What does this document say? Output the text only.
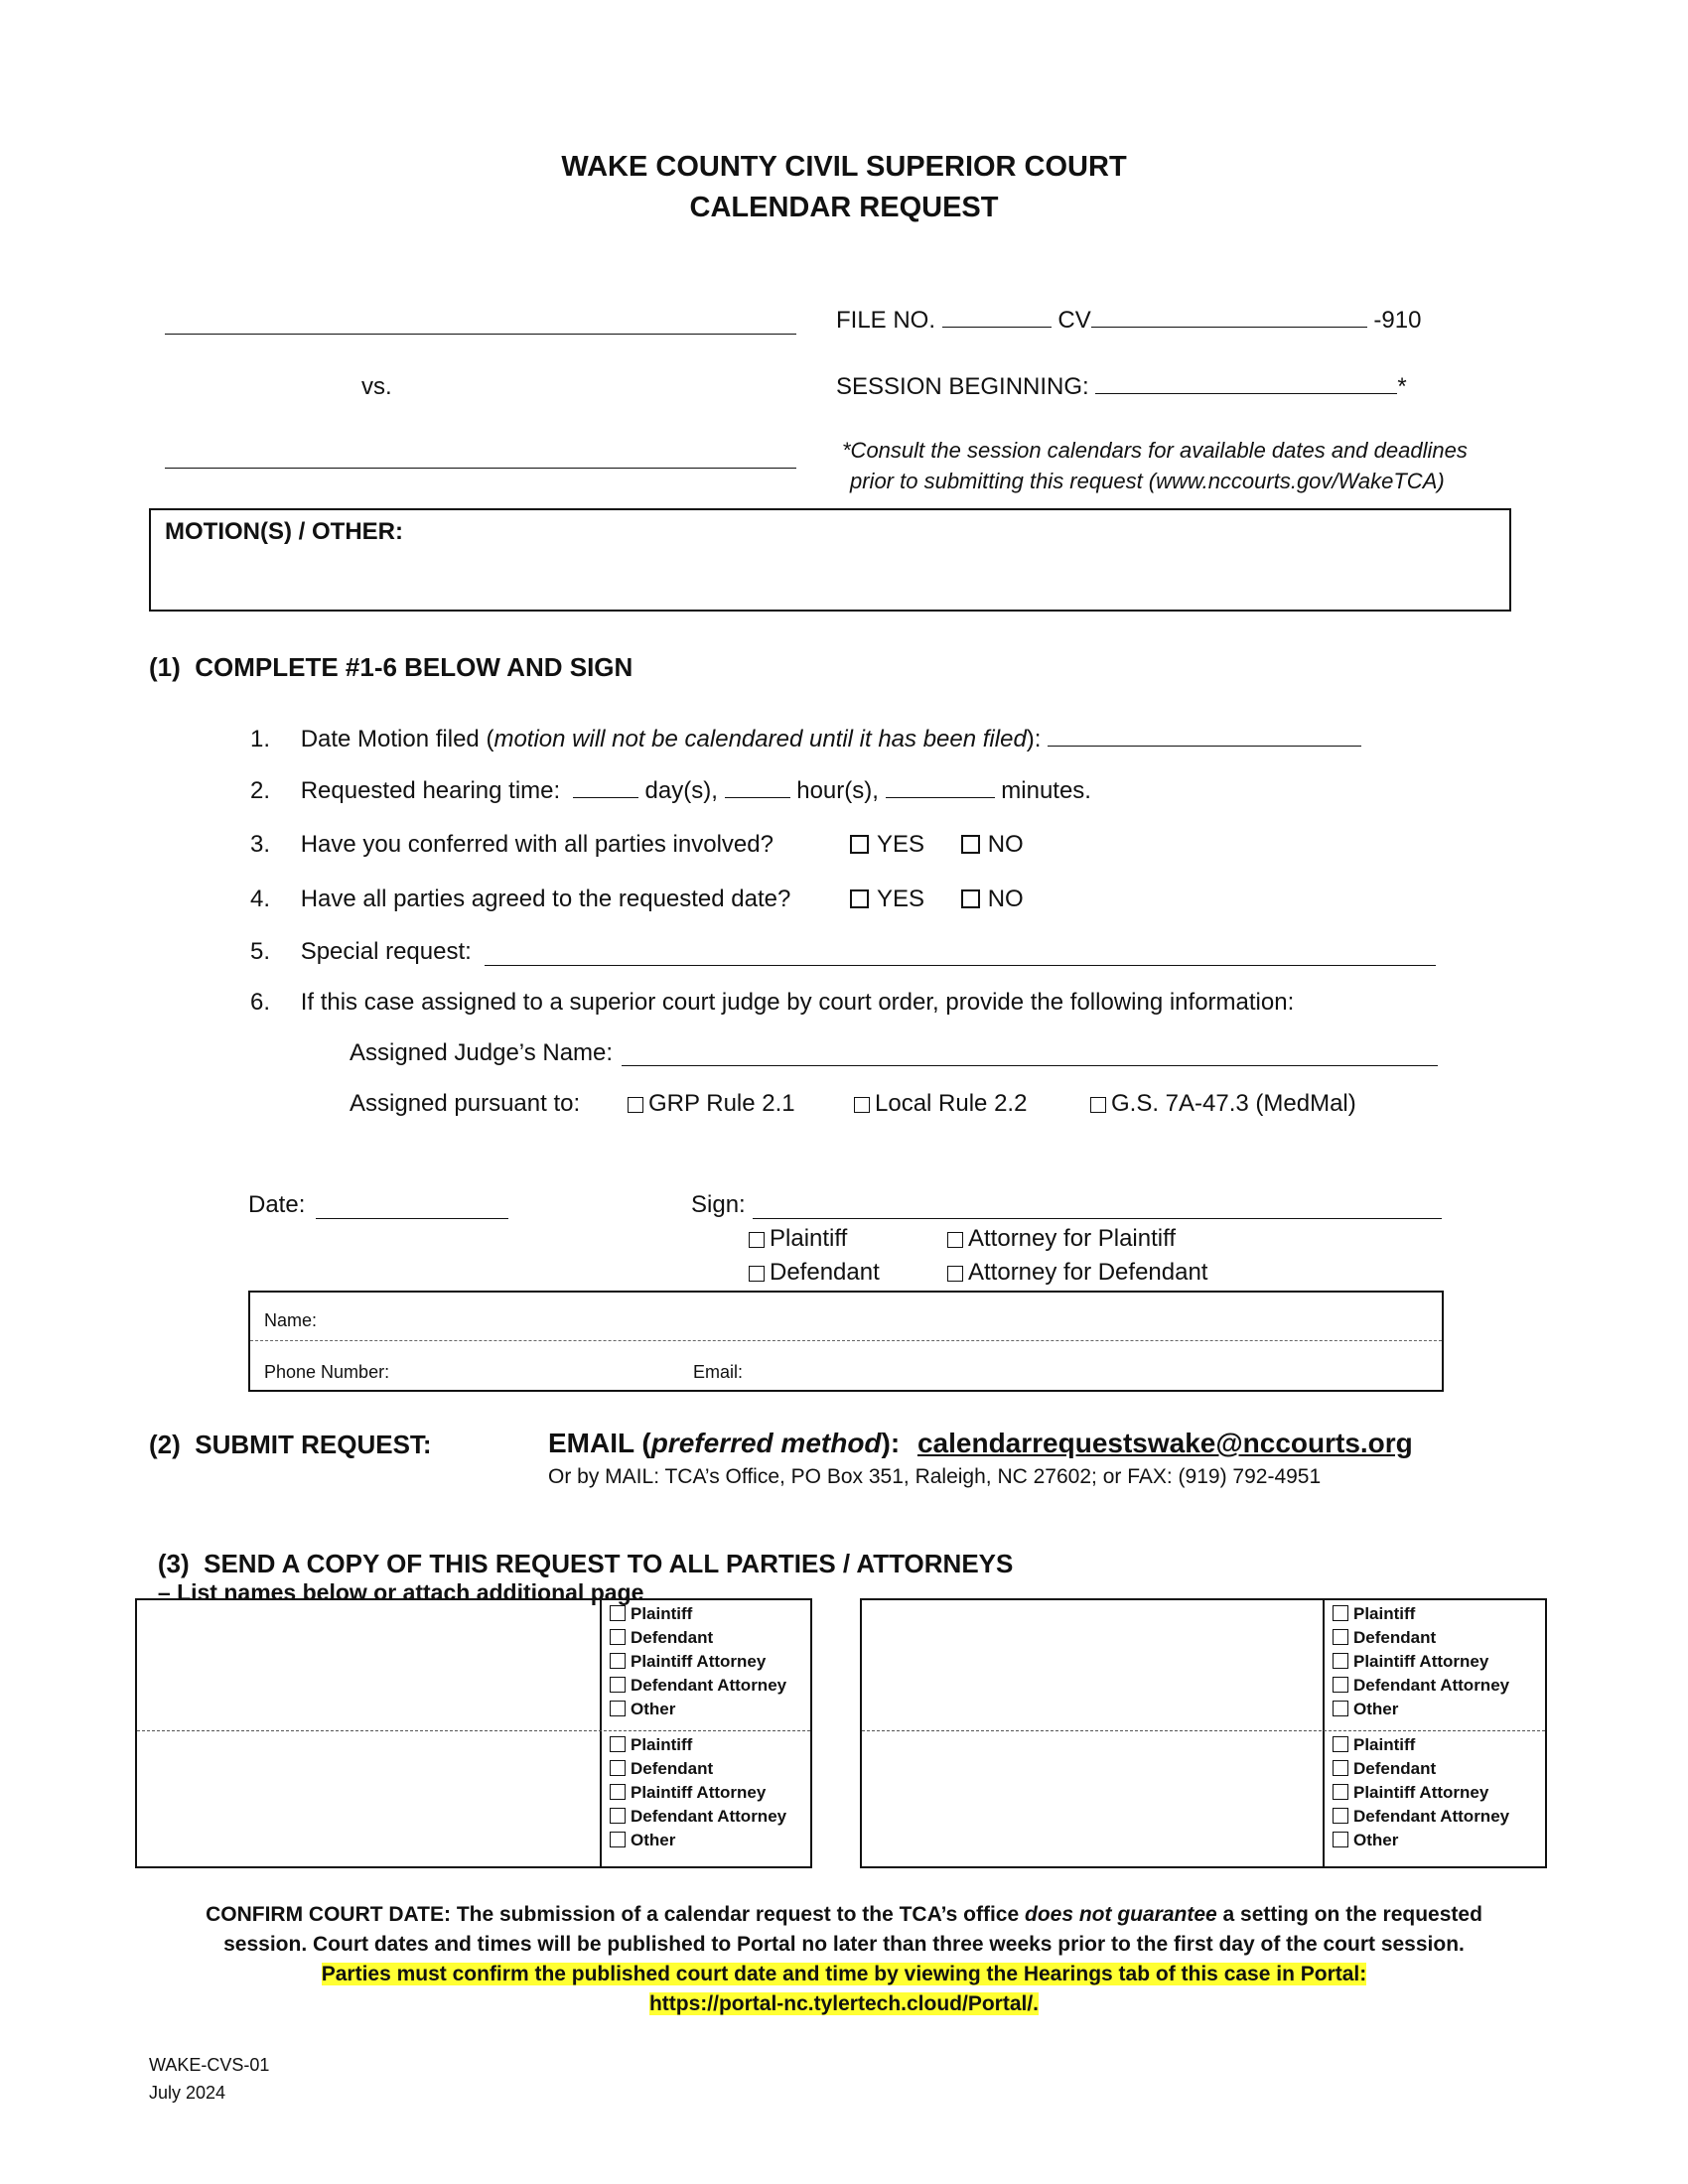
WAKE COUNTY CIVIL SUPERIOR COURT
CALENDAR REQUEST
vs.
FILE NO.	CV	-910
SESSION BEGINNING:	*
*Consult the session calendars for available dates and deadlines
prior to submitting this request (www.nccourts.gov/WakeTCA)
MOTION(S) / OTHER:
(1)  COMPLETE #1-6 BELOW AND SIGN
1. Date Motion filed (motion will not be calendared until it has been filed):
2. Requested hearing time:	day(s),	hour(s),	minutes.
3. Have you conferred with all parties involved?	YES	NO
4. Have all parties agreed to the requested date?	YES	NO
5. Special request:
6. If this case assigned to a superior court judge by court order, provide the following information:
Assigned Judge’s Name:
Assigned pursuant to:	GRP Rule 2.1	Local Rule 2.2	G.S. 7A-47.3 (MedMal)
Date:	Sign:
Plaintiff	Attorney for Plaintiff
Defendant	Attorney for Defendant
Name:
Phone Number:	Email:
(2)  SUBMIT REQUEST:	EMAIL (preferred method): calendarrequestswake@nccourts.org
Or by MAIL: TCA’s Office, PO Box 351, Raleigh, NC 27602; or FAX: (919) 792-4951

(3)  SEND A COPY OF THIS REQUEST TO ALL PARTIES / ATTORNEYS
– List names below or attach additional page

Plaintiff
Defendant
Plaintiff Attorney
Defendant Attorney
Other
Plaintiff
Defendant
Plaintiff Attorney
Defendant Attorney
Other
Plaintiff
Defendant
Plaintiff Attorney
Defendant Attorney
Other
Plaintiff
Defendant
Plaintiff Attorney
Defendant Attorney
Other
CONFIRM COURT DATE: The submission of a calendar request to the TCA’s office does not guarantee a setting on the requested
session. Court dates and times will be published to Portal no later than three weeks prior to the first day of the court session.
Parties must confirm the published court date and time by viewing the Hearings tab of this case in Portal:
https://portal-nc.tylertech.cloud/Portal/.
WAKE-CVS-01
July 2024
